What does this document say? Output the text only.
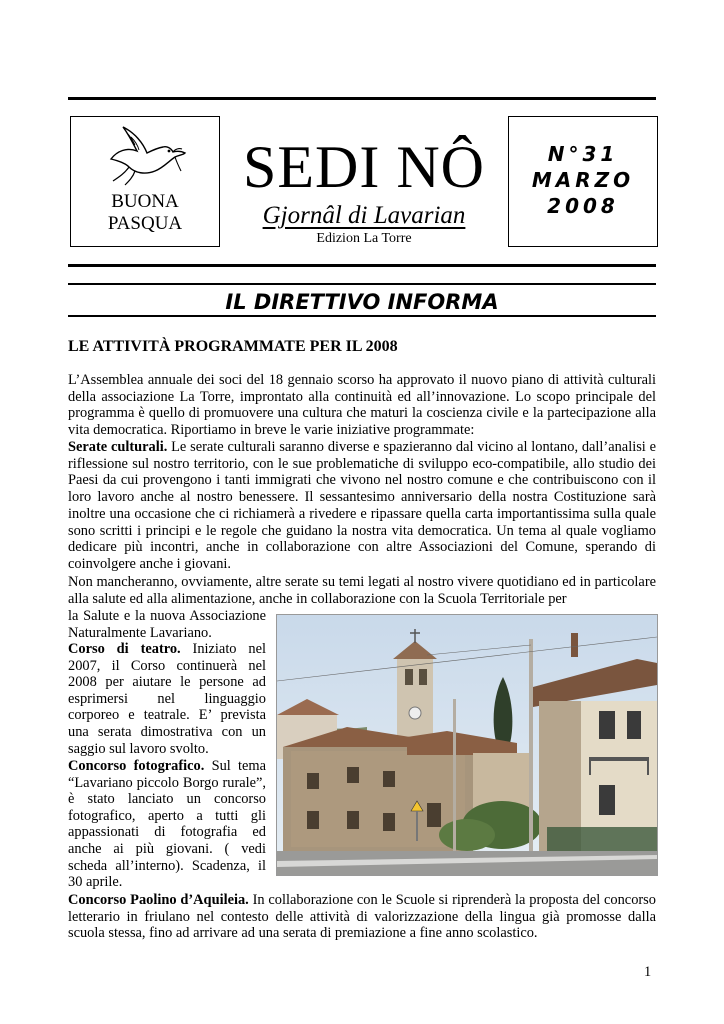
BUONA
PASQUA
SEDI NÔ
Gjornâl di Lavarian
Edizion La Torre
N°31
MARZO
2008
IL DIRETTIVO INFORMA
LE ATTIVITÀ PROGRAMMATE PER IL 2008

L’Assemblea annuale dei soci del 18 gennaio scorso ha approvato il nuovo piano di attività culturali della associazione La Torre, improntato alla continuità ed all’innovazione. Lo scopo principale del programma è quello di promuovere una cultura che maturi la coscienza civile e la partecipazione alla vita democratica. Riportiamo in breve le varie iniziative programmate:

Serate culturali. Le serate culturali saranno diverse e spazieranno dal vicino al lontano, dall’analisi e riflessione sul nostro territorio, con le sue problematiche di sviluppo eco-compatibile, allo studio dei Paesi da cui provengono i tanti immigrati che vivono nel nostro comune e che contribuiscono con il loro lavoro anche al nostro benessere. Il sessantesimo anniversario della nostra Costituzione sarà inoltre una occasione che ci richiamerà a rivedere e ripassare quella carta importantissima sulla quale sono scritti i principi e le regole che guidano la nostra vita democratica. Un tema al quale vogliamo dedicare più incontri, anche in collaborazione con altre Associazioni del Comune, sperando di coinvolgere anche i giovani.

Non mancheranno, ovviamente, altre serate su temi legati al nostro vivere quotidiano ed in particolare alla salute ed alla alimentazione, anche in collaborazione con la Scuola Territoriale per

la Salute e la nuova Associazione Naturalmente Lavariano.

Corso di teatro. Iniziato nel 2007, il Corso continuerà nel 2008 per aiutare le persone ad esprimersi nel linguaggio corporeo e teatrale. E’ prevista una serata dimostrativa con un saggio sul lavoro svolto.

Concorso fotografico. Sul tema “Lavariano piccolo Borgo rurale”, è stato lanciato un concorso fotografico, aperto a tutti gli appassionati di fotografia ed anche ai più giovani. ( vedi scheda all’interno). Scadenza, il 30 aprile.

Concorso Paolino d’Aquileia. In collaborazione con le Scuole si riprenderà la proposta del concorso letterario in friulano nel contesto delle attività di valorizzazione della lingua già promosse dalla scuola stessa, fino ad arrivare ad una serata di premiazione a fine anno scolastico.

1
